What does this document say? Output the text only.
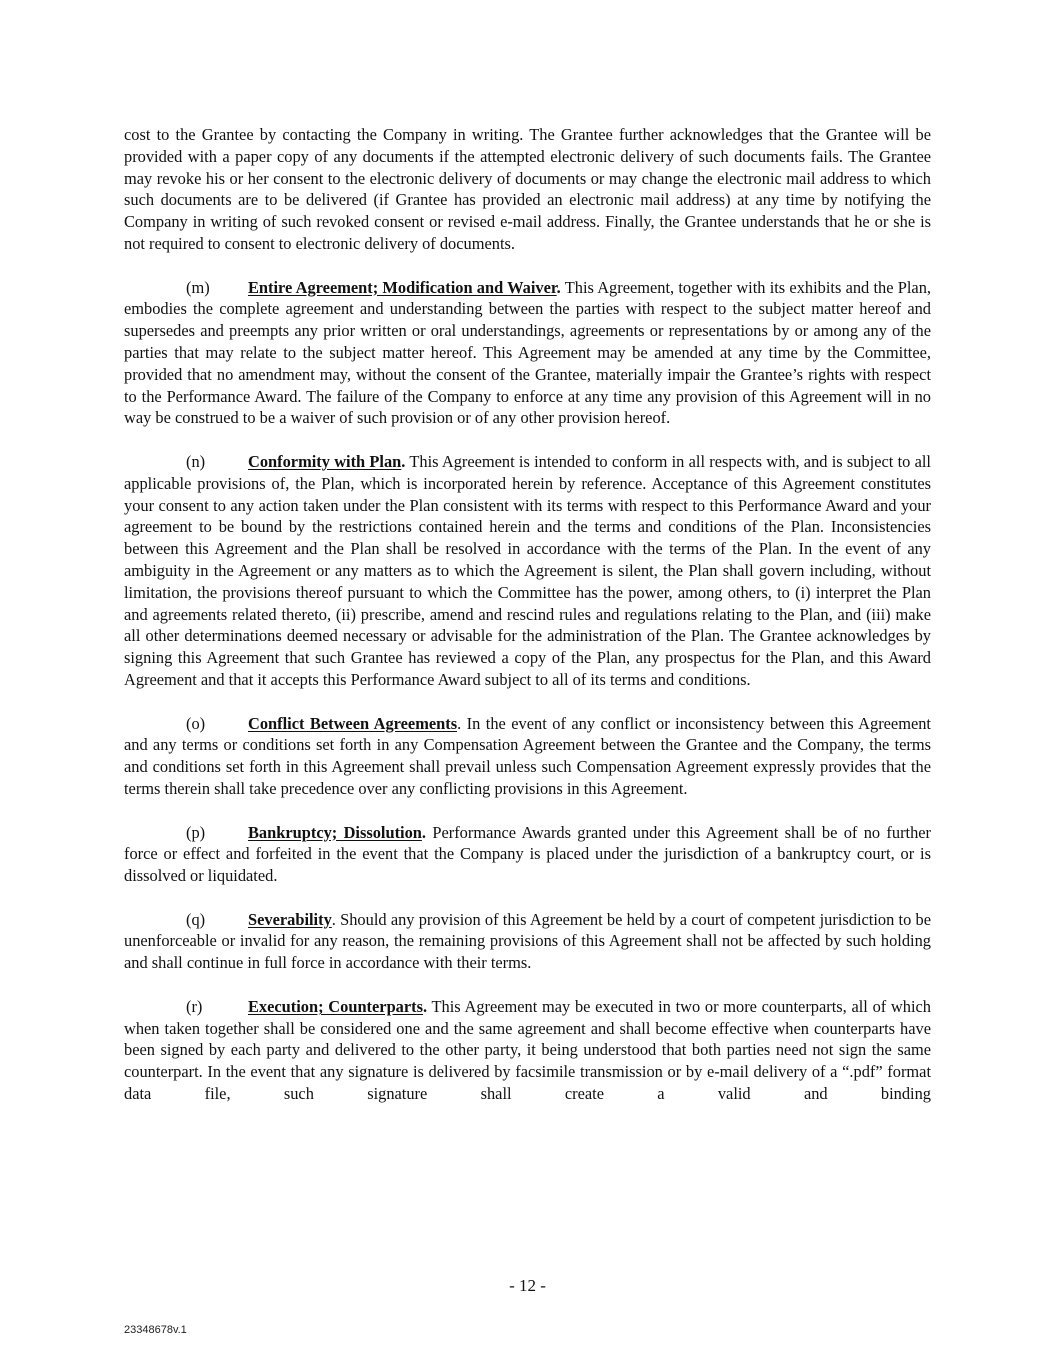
cost to the Grantee by contacting the Company in writing. The Grantee further acknowledges that the Grantee will be provided with a paper copy of any documents if the attempted electronic delivery of such documents fails. The Grantee may revoke his or her consent to the electronic delivery of documents or may change the electronic mail address to which such documents are to be delivered (if Grantee has provided an electronic mail address) at any time by notifying the Company in writing of such revoked consent or revised e-mail address. Finally, the Grantee understands that he or she is not required to consent to electronic delivery of documents.

(m) Entire Agreement; Modification and Waiver. This Agreement, together with its exhibits and the Plan, embodies the complete agreement and understanding between the parties with respect to the subject matter hereof and supersedes and preempts any prior written or oral understandings, agreements or representations by or among any of the parties that may relate to the subject matter hereof. This Agreement may be amended at any time by the Committee, provided that no amendment may, without the consent of the Grantee, materially impair the Grantee’s rights with respect to the Performance Award. The failure of the Company to enforce at any time any provision of this Agreement will in no way be construed to be a waiver of such provision or of any other provision hereof.

(n)	Conformity with Plan. This Agreement is intended to conform in all respects with, and is subject to all applicable provisions of, the Plan, which is incorporated herein by reference. Acceptance of this Agreement constitutes your consent to any action taken under the Plan consistent with its terms with respect to this Performance Award and your agreement to be bound by the restrictions contained herein and the terms and conditions of the Plan. Inconsistencies between this Agreement and the Plan shall be resolved in accordance with the terms of the Plan. In the event of any ambiguity in the Agreement or any matters as to which the Agreement is silent, the Plan shall govern including, without limitation, the provisions thereof pursuant to which the Committee has the power, among others, to (i) interpret the Plan and agreements related thereto, (ii) prescribe, amend and rescind rules and regulations relating to the Plan, and (iii) make all other determinations deemed necessary or advisable for the administration of the Plan. The Grantee acknowledges by signing this Agreement that such Grantee has reviewed a copy of the Plan, any prospectus for the Plan, and this Award Agreement and that it accepts this Performance Award subject to all of its terms and conditions.

(o)	Conflict Between Agreements. In the event of any conflict or inconsistency between this Agreement and any terms or conditions set forth in any Compensation Agreement between the Grantee and the Company, the terms and conditions set forth in this Agreement shall prevail unless such Compensation Agreement expressly provides that the terms therein shall take precedence over any conflicting provisions in this Agreement.

(p)	Bankruptcy; Dissolution. Performance Awards granted under this Agreement shall be of no further force or effect and forfeited in the event that the Company is placed under the jurisdiction of a bankruptcy court, or is dissolved or liquidated.

(q)	Severability. Should any provision of this Agreement be held by a court of competent jurisdiction to be unenforceable or invalid for any reason, the remaining provisions of this Agreement shall not be affected by such holding and shall continue in full force in accordance with their terms.

(r)	Execution; Counterparts. This Agreement may be executed in two or more counterparts, all of which when taken together shall be considered one and the same agreement and shall become effective when counterparts have been signed by each party and delivered to the other party, it being understood that both parties need not sign the same counterpart. In the event that any signature is delivered by facsimile transmission or by e-mail delivery of a “.pdf” format data file, such signature shall create a valid and binding

- 12 -
23348678v.1
